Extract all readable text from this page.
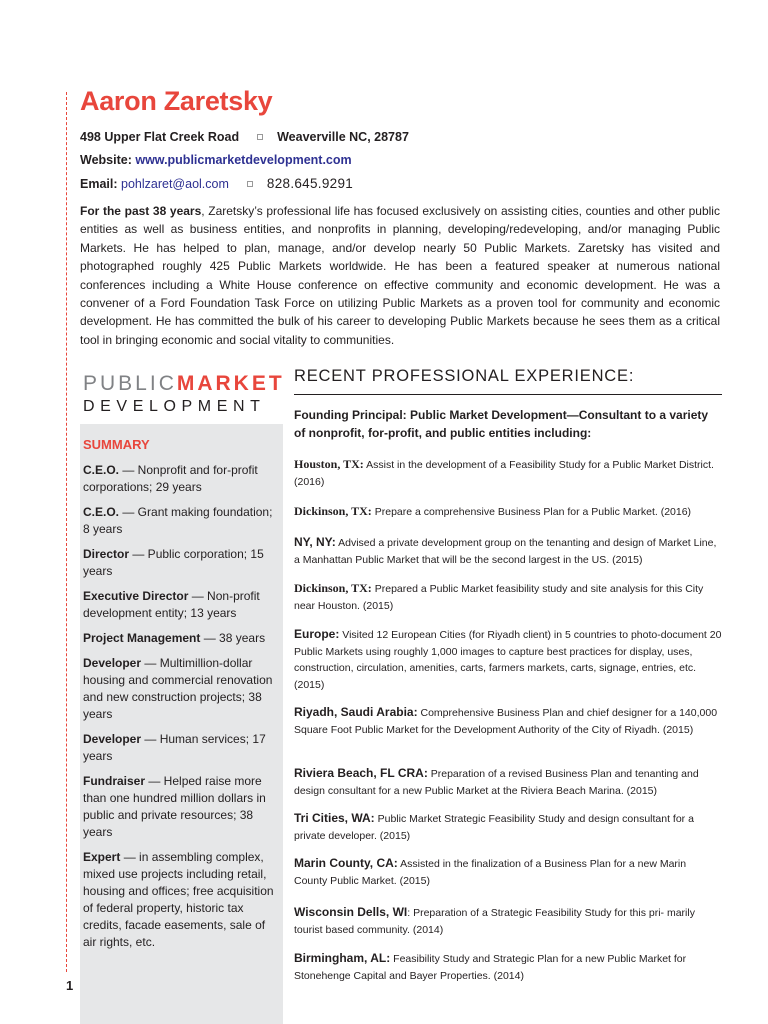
Aaron Zaretsky
498 Upper Flat Creek Road	Weaverville NC, 28787
Website: www.publicmarketdevelopment.com
Email: pohlzaret@aol.com	828.645.9291

For the past 38 years, Zaretsky’s professional life has focused exclusively on assisting cities, counties and other public entities as well as business entities, and nonprofits in planning, developing/redeveloping, and/or managing Public Markets. He has helped to plan, manage, and/or develop nearly 50 Public Markets. Zaretsky has visited and photographed roughly 425 Public Markets worldwide. He has been a featured speaker at numerous national conferences including a White House conference on effective community and economic development. He was a convener of a Ford Foundation Task Force on utilizing Public Markets as a proven tool for community and economic development. He has committed the bulk of his career to developing Public Markets because he sees them as a critical tool in bringing economic and social vitality to communities.

PUBLICMARKET
DEVELOPMENT
SUMMARY
C.E.O. — Nonprofit and for-profit corporations; 29 years
C.E.O. — Grant making foundation; 8 years
Director — Public corporation; 15 years
Executive Director — Non-profit development entity; 13 years
Project Management — 38 years
Developer — Multimillion-dollar housing and commercial renovation and new construction projects; 38 years
Developer — Human services; 17 years
Fundraiser — Helped raise more than one hundred million dollars in public and private resources; 38 years
Expert — in assembling complex, mixed use projects including retail, housing and offices; free acquisition of federal property, historic tax credits, facade easements, sale of air rights, etc.
RECENT PROFESSIONAL EXPERIENCE:

Founding Principal: Public Market Development—Consultant to a variety of nonprofit, for-profit, and public entities including:

Houston, TX: Assist in the development of a Feasibility Study for a Public Market District. (2016)
Dickinson, TX: Prepare a comprehensive Business Plan for a Public Market. (2016)
NY, NY: Advised a private development group on the tenanting and design of Market Line, a Manhattan Public Market that will be the second largest in the US. (2015)
Dickinson, TX: Prepared a Public Market feasibility study and site analysis for this City near Houston. (2015)
Europe: Visited 12 European Cities (for Riyadh client) in 5 countries to photo-document 20 Public Markets using roughly 1,000 images to capture best practices for display, uses, construction, circulation, amenities, carts, farmers markets, carts, signage, entries, etc. (2015)
Riyadh, Saudi Arabia: Comprehensive Business Plan and chief designer for a 140,000 Square Foot Public Market for the Development Authority of the City of Riyadh. (2015)
Riviera Beach, FL CRA: Preparation of a revised Business Plan and tenanting and design consultant for a new Public Market at the Riviera Beach Marina. (2015)
Tri Cities, WA: Public Market Strategic Feasibility Study and design consultant for a private developer. (2015)
Marin County, CA: Assisted in the finalization of a Business Plan for a new Marin County Public Market. (2015)
Wisconsin Dells, WI: Preparation of a Strategic Feasibility Study for this pri- marily tourist based community. (2014)
Birmingham, AL: Feasibility Study and Strategic Plan for a new Public Market for Stonehenge Capital and Bayer Properties. (2014)
1
